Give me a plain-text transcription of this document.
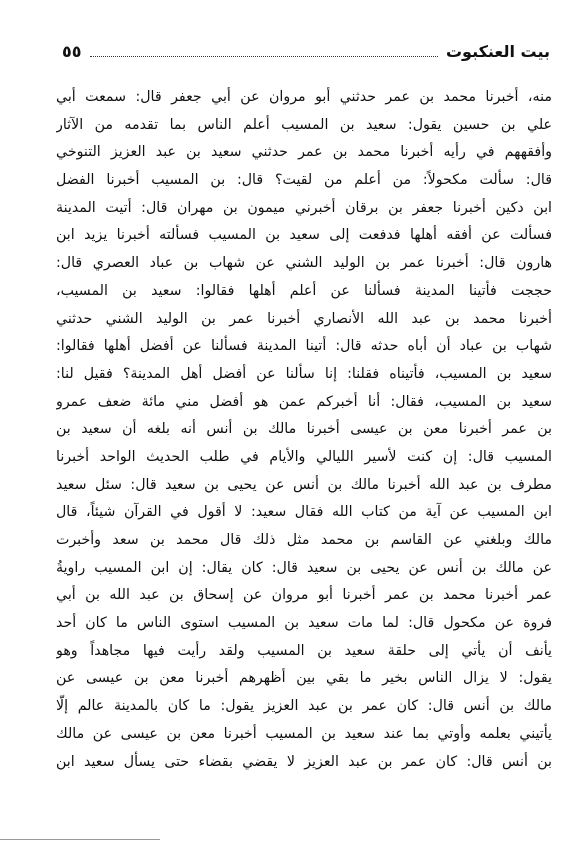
بيت العنكبوت
٥٥
منه، أخبرنا محمد بن عمر حدثني أبو مروان عن أبي جعفر قال: سمعت أبي
علي بن حسين يقول: سعيد بن المسيب أعلم الناس بما تقدمه من الآثار
وأفقههم في رأيه أخبرنا محمد بن عمر حدثني سعيد بن عبد العزيز التنوخي
قال: سألت مكحولاً: من أعلم من لقيت؟ قال: بن المسيب أخبرنا الفضل
ابن دكين أخبرنا جعفر بن برقان أخبرني ميمون بن مهران قال: أتيت المدينة
فسألت عن أفقه أهلها فدفعت إلى سعيد بن المسيب فسألته أخبرنا يزيد ابن
هارون قال: أخبرنا عمر بن الوليد الشني عن شهاب بن عباد العصري قال:
حججت فأتينا المدينة فسألنا عن أعلم أهلها فقالوا: سعيد بن المسيب،
أخبرنا محمد بن عبد الله الأنصاري أخبرنا عمر بن الوليد الشني حدثني
شهاب بن عباد أن أباه حدثه قال: أتينا المدينة فسألنا عن أفضل أهلها فقالوا:
سعيد بن المسيب، فأتيناه فقلنا: إنا سألنا عن أفضل أهل المدينة؟ فقيل لنا:
سعيد بن المسيب، فقال: أنا أخبركم عمن هو أفضل مني مائة ضعف عمرو
بن عمر أخبرنا معن بن عيسى أخبرنا مالك بن أنس أنه بلغه أن سعيد بن
المسيب قال: إن كنت لأسير الليالي والأيام في طلب الحديث الواحد أخبرنا
مطرف بن عبد الله أخبرنا مالك بن أنس عن يحيى بن سعيد قال: سئل سعيد
ابن المسيب عن آية من كتاب الله فقال سعيد: لا أقول في القرآن شيئاً، قال
مالك وبلغني عن القاسم بن محمد مثل ذلك قال محمد بن سعد وأخبرت
عن مالك بن أنس عن يحيى بن سعيد قال: كان يقال: إن ابن المسيب راويةُ
عمر أخبرنا محمد بن عمر أخبرنا أبو مروان عن إسحاق بن عبد الله بن أبي
فروة عن مكحول قال: لما مات سعيد بن المسيب استوى الناس ما كان أحد
يأنف أن يأتي إلى حلقة سعيد بن المسيب ولقد رأيت فيها مجاهداً وهو
يقول: لا يزال الناس بخير ما بقي بين أظهرهم أخبرنا معن بن عيسى عن
مالك بن أنس قال: كان عمر بن عبد العزيز يقول: ما كان بالمدينة عالم إلّا
يأتيني بعلمه وأوتي بما عند سعيد بن المسيب أخبرنا معن بن عيسى عن مالك
بن أنس قال: كان عمر بن عبد العزيز لا يقضي بقضاء حتى يسأل سعيد ابن
